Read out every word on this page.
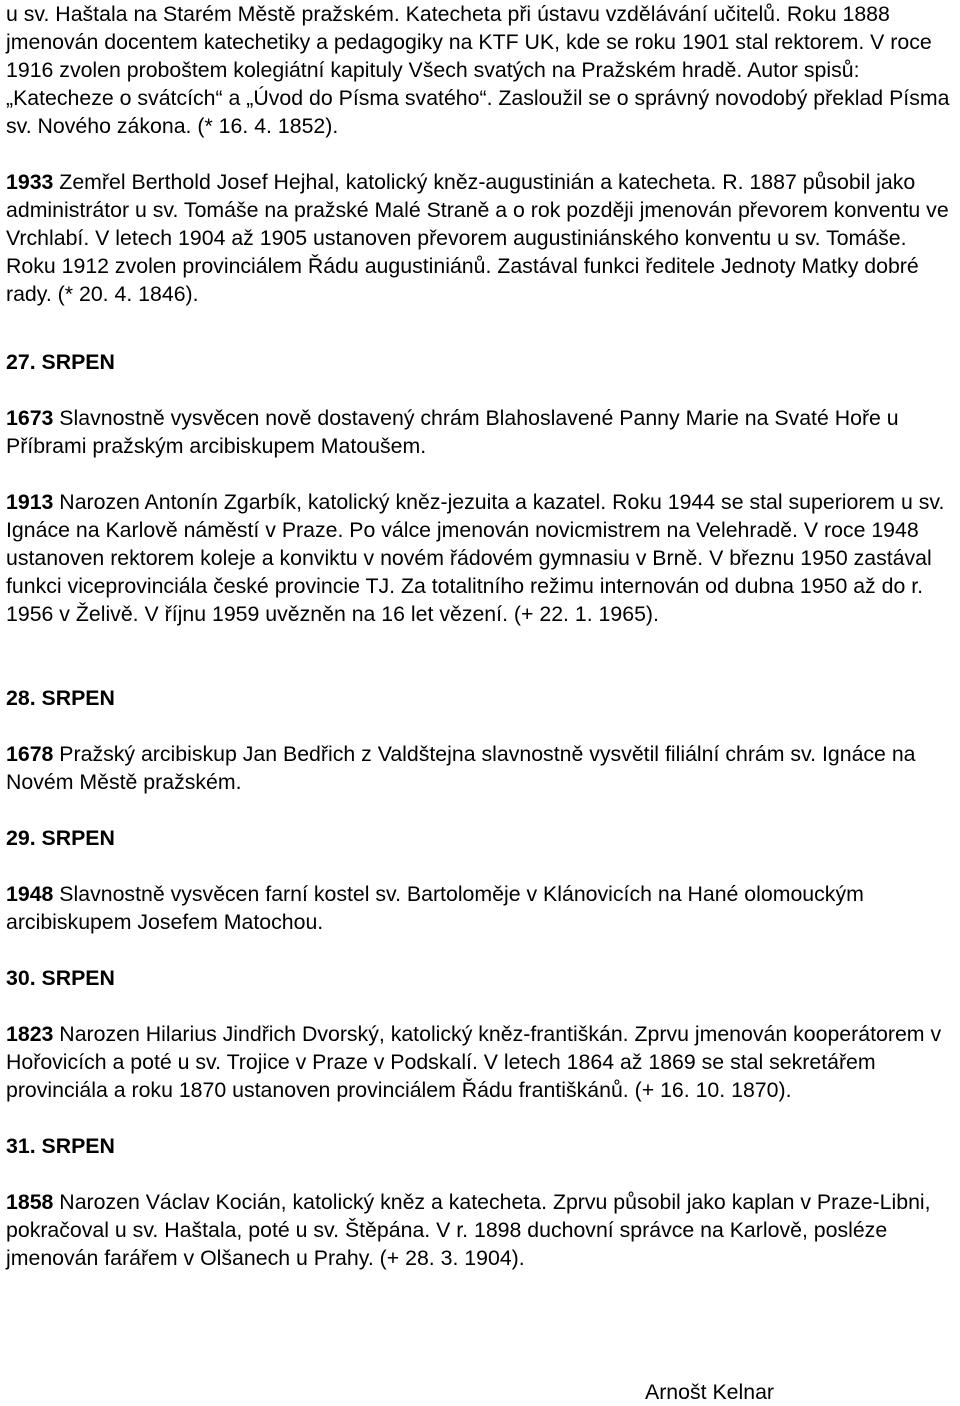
u sv. Haštala na Starém Městě pražském. Katecheta při ústavu vzdělávání učitelů. Roku 1888 jmenován docentem katechetiky a pedagogiky na KTF UK, kde se roku 1901 stal rektorem. V roce 1916 zvolen proboštem kolegiátní kapituly Všech svatých na Pražském hradě. Autor spisů: „Katecheze o svátcích“ a „Úvod do Písma svatého“. Zasloužil se o správný novodobý překlad Písma sv. Nového zákona. (* 16. 4. 1852).

1933 Zemřel Berthold Josef Hejhal, katolický kněz-augustinián a katecheta. R. 1887 působil jako administrátor u sv. Tomáše na pražské Malé Straně a o rok později jmenován převorem konventu ve Vrchlabí. V letech 1904 až 1905 ustanoven převorem augustiniánského konventu u sv. Tomáše. Roku 1912 zvolen provinciálem Řádu augustiniánů. Zastával funkci ředitele Jednoty Matky dobré rady. (* 20. 4. 1846).

27. SRPEN

1673 Slavnostně vysvěcen nově dostavený chrám Blahoslavené Panny Marie na Svaté Hoře u Příbrami pražským arcibiskupem Matoušem.

1913 Narozen Antonín Zgarbík, katolický kněz-jezuita a kazatel. Roku 1944 se stal superiorem u sv. Ignáce na Karlově náměstí v Praze. Po válce jmenován novicmistrem na Velehradě. V roce 1948 ustanoven rektorem koleje a konviktu v novém řádovém gymnasiu v Brně. V březnu 1950 zastával funkci viceprovinciála české provincie TJ. Za totalitního režimu internován od dubna 1950 až do r. 1956 v Želivě. V říjnu 1959 uvězněn na 16 let vězení. (+ 22. 1. 1965).

28. SRPEN

1678 Pražský arcibiskup Jan Bedřich z Valdštejna slavnostně vysvětil filiální chrám sv. Ignáce na Novém Městě pražském.

29. SRPEN

1948 Slavnostně vysvěcen farní kostel sv. Bartoloměje v Klánovicích na Hané olomouckým arcibiskupem Josefem Matochou.

30. SRPEN

1823 Narozen Hilarius Jindřich Dvorský, katolický kněz-františkán. Zprvu jmenován kooperátorem v Hořovicích a poté u sv. Trojice v Praze v Podskalí. V letech 1864 až 1869 se stal sekretářem provinciála a roku 1870 ustanoven provinciálem Řádu františkánů. (+ 16. 10. 1870).

31. SRPEN

1858 Narozen Václav Kocián, katolický kněz a katecheta. Zprvu působil jako kaplan v Praze-Libni, pokračoval u sv. Haštala, poté u sv. Štěpána. V r. 1898 duchovní správce na Karlově, posléze jmenován farářem v Olšanech u Prahy. (+ 28. 3. 1904).

Arnošt Kelnar
